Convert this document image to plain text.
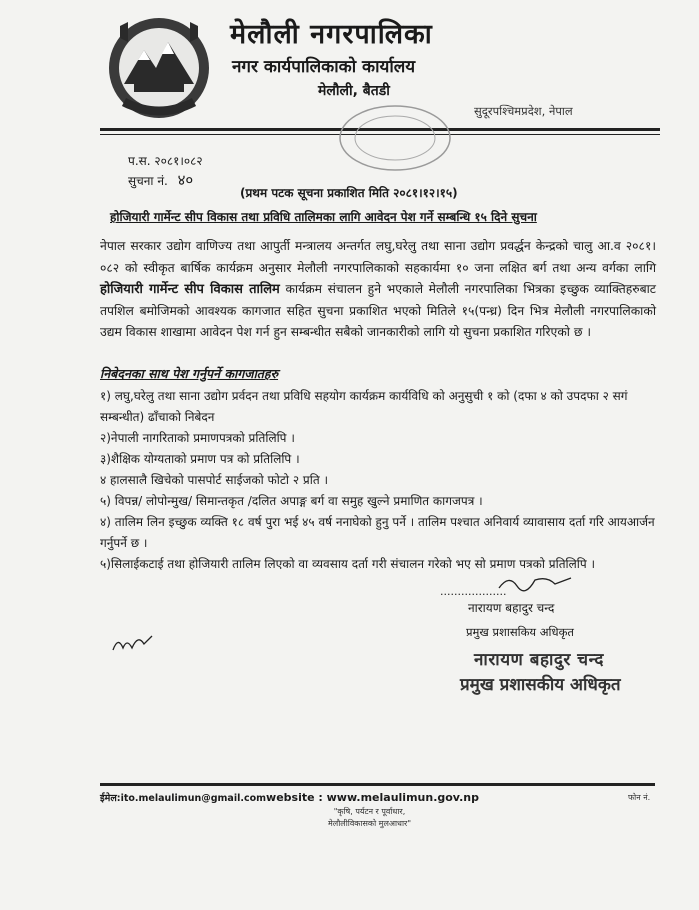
मेलौली नगरपालिका
नगर कार्यपालिकाको कार्यालय
मेलौली, बैतडी
सुदूरपश्चिमप्रदेश, नेपाल
प.स. २०८१।०८२
सुचना नं. ४०
(प्रथम पटक सूचना प्रकाशित मिति २०८१।१२।१५)
होजियारी गार्मेन्ट सीप विकास तथा प्रविधि तालिमका लागि आवेदन पेश गर्ने सम्बन्धि १५ दिने सुचना
नेपाल सरकार उद्योग वाणिज्य तथा आपुर्ती मन्त्रालय अन्तर्गत लघु,घरेलु तथा साना उद्योग प्रवर्द्धन केन्द्रको चालु आ.व २०८१।०८२ को स्वीकृत बार्षिक कार्यक्रम अनुसार मेलौली नगरपालिकाको सहकार्यमा १० जना लक्षित बर्ग तथा अन्य वर्गका लागि होजियारी गार्मेन्ट सीप विकास तालिम कार्यक्रम संचालन हुने भएकाले मेलौली नगरपालिका भित्रका इच्छुक व्याक्तिहरुबाट तपशिल बमोजिमको आवश्यक कागजात सहित सुचना प्रकाशित भएको मितिले १५(पन्ध्र) दिन भित्र मेलौली नगरपालिकाको उद्यम विकास शाखामा आवेदन पेश गर्न हुन सम्बन्धीत सबैको जानकारीको लागि यो सुचना प्रकाशित गरिएको छ ।
निबेदनका साथ पेश गर्नुपर्ने कागजातहरु
१) लघु,घरेलु तथा साना उद्योग प्रर्वदन तथा प्रविधि सहयोग कार्यक्रम कार्यविधि को अनुसुची १ को (दफा ४ को उपदफा २ सगं सम्बन्धीत) ढाँचाको निबेदन
२)नेपाली नागरिताको प्रमाणपत्रको प्रतिलिपि ।
३)शैक्षिक योग्यताको प्रमाण पत्र को प्रतिलिपि ।
४ हालसालै खिचेको पासपोर्ट साईजको फोटो २ प्रति ।
५) विपन्न/ लोपोन्मुख/ सिमान्तकृत /दलित अपाङ्ग बर्ग वा समुह खुल्ने प्रमाणित कागजपत्र ।
४) तालिम लिन इच्छुक व्यक्ति १८ वर्ष पुरा भई ४५ वर्ष ननाघेको हुनु पर्ने । तालिम पश्चात अनिवार्य व्यावासाय दर्ता गरि आयआर्जन गर्नुपर्ने छ ।
५)सिलाईकटाई तथा होजियारी तालिम लिएको वा व्यवसाय दर्ता गरी संचालन गरेको भए सो प्रमाण पत्रको प्रतिलिपि ।
...................
नारायण बहादुर चन्द
प्रमुख प्रशासकिय अधिकृत
नारायण बहादुर चन्द
प्रमुख प्रशासकीय अधिकृत
ईमेल:ito.melaulimun@gmail.comwebsite : www.melaulimun.gov.np	फोन नं.
"कृषि, पर्यटन र पूर्वाधार,
मेलौलीविकासको मुलआधार"
